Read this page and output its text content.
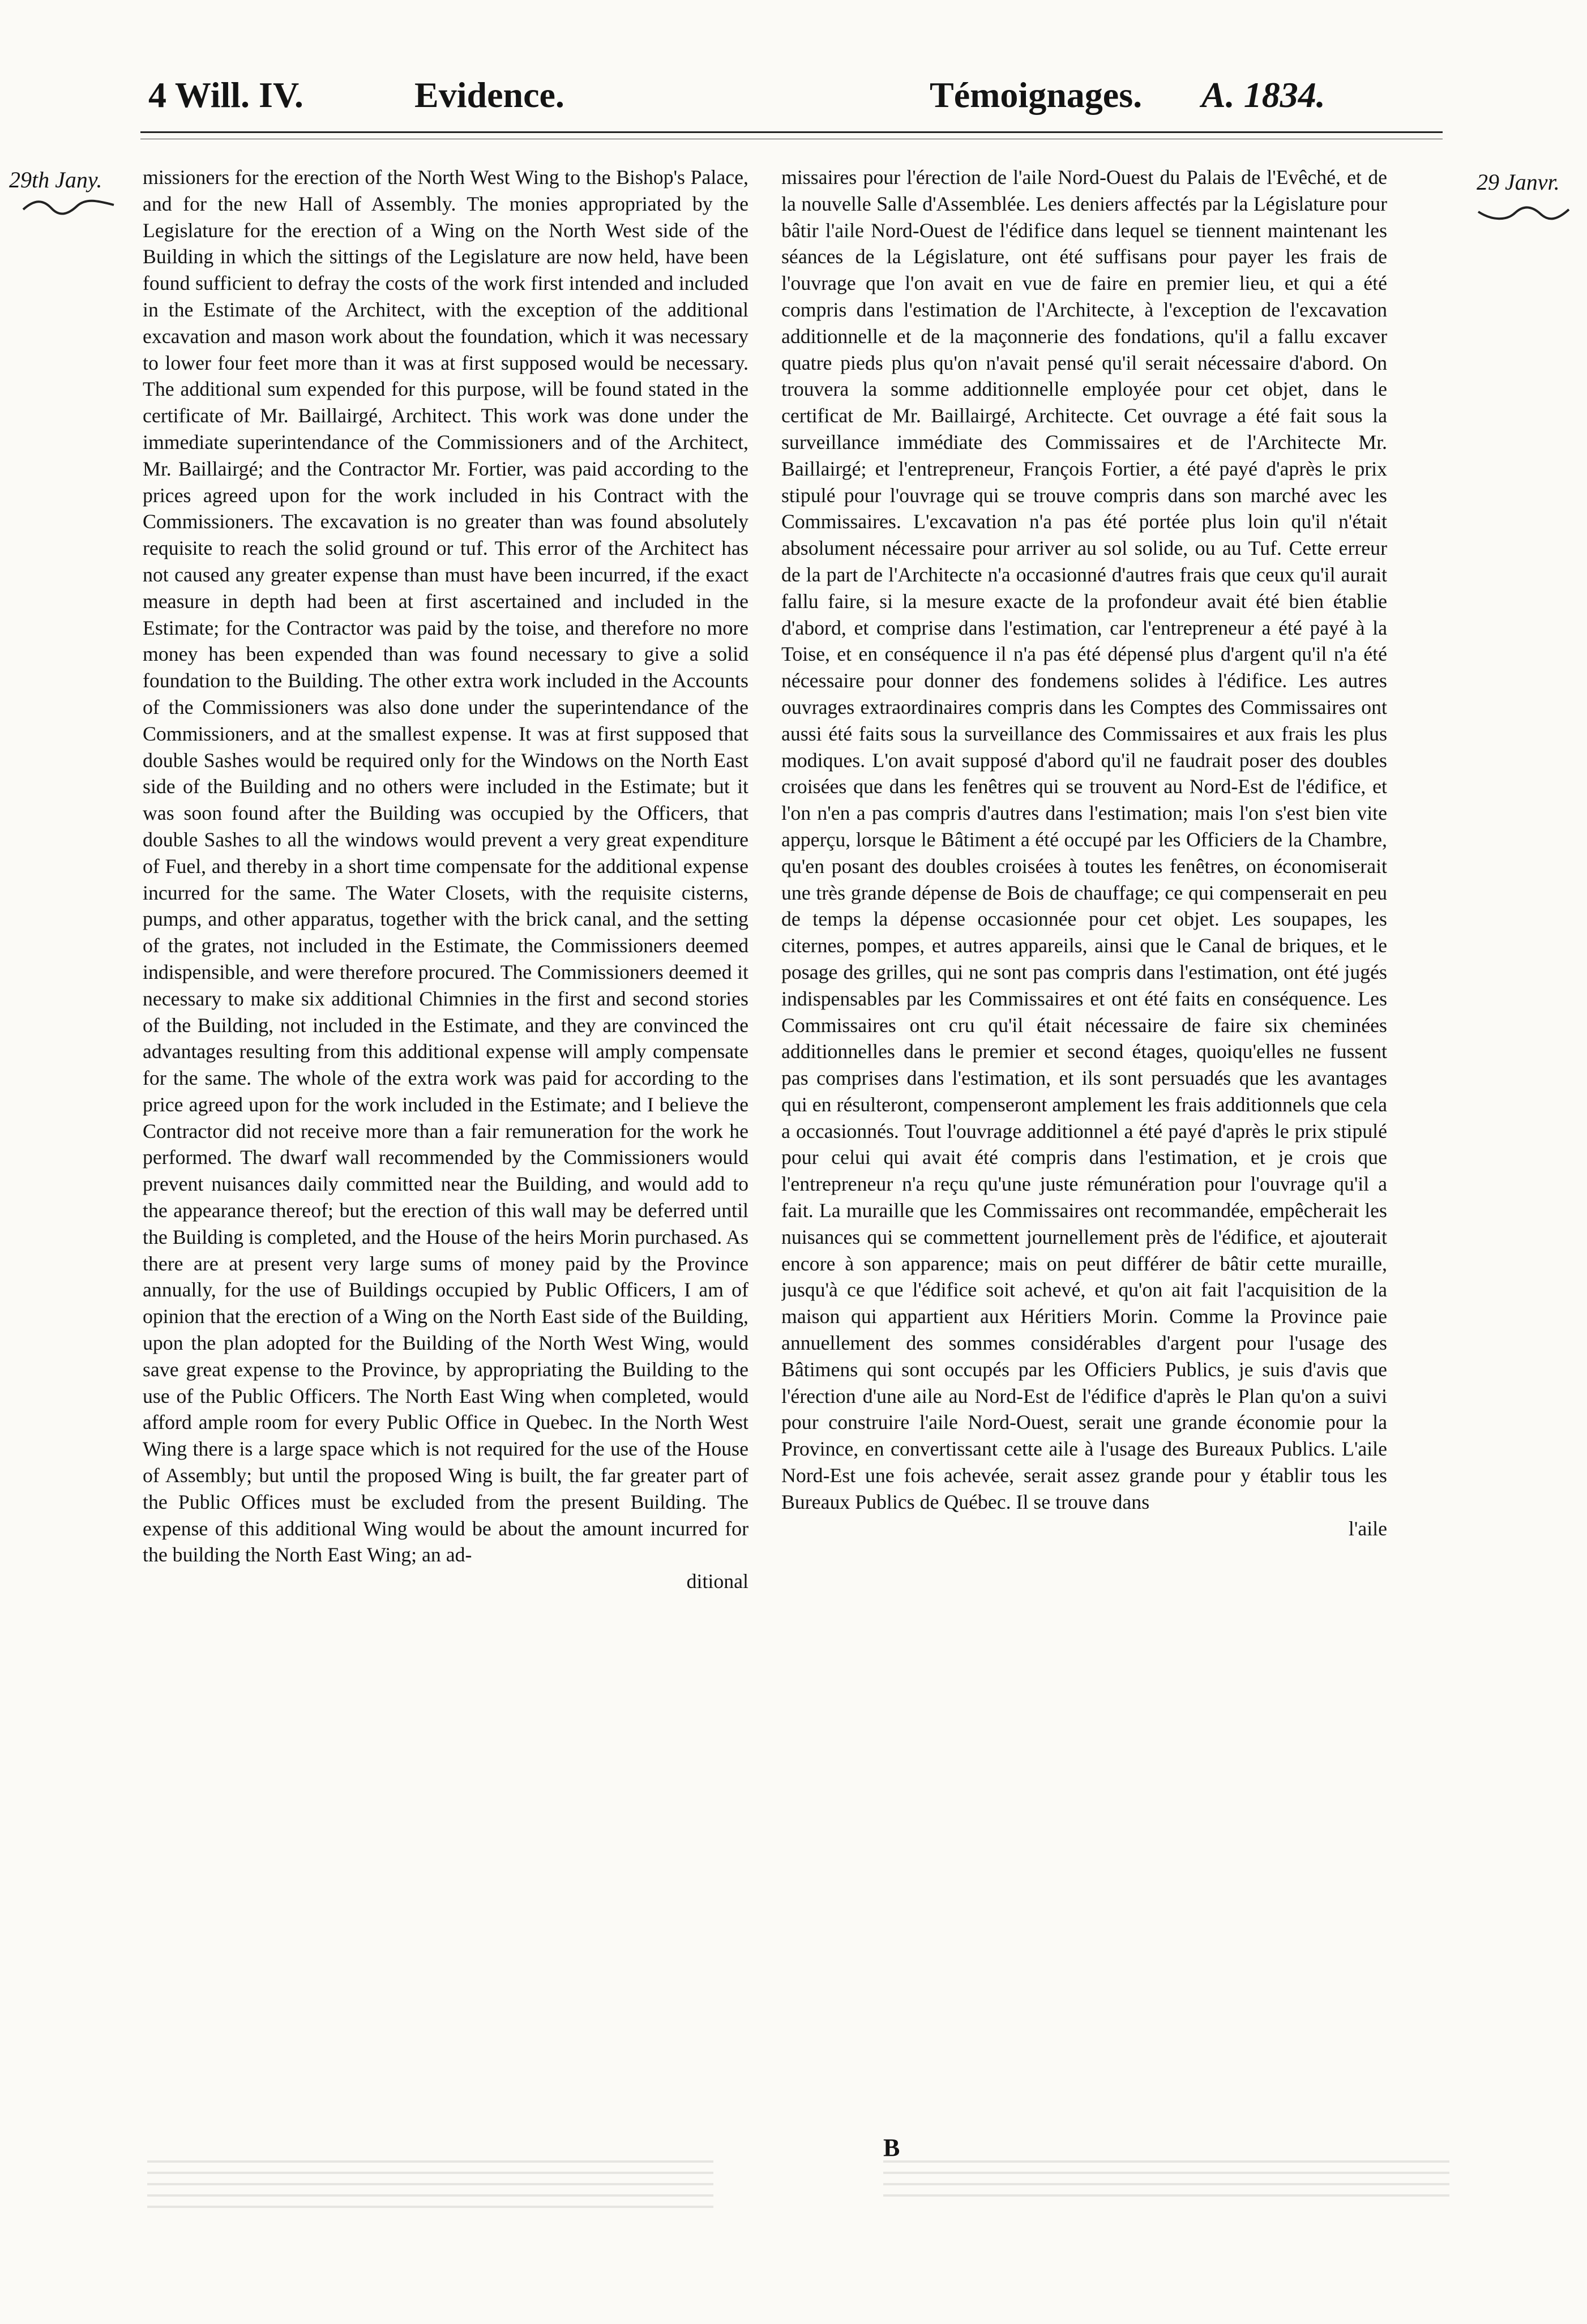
4 Will. IV.	Evidence.	Témoignages. A. 1834.
29th Jany.	29 Janvr.

missioners for the erection of the North West Wing to the Bishop's Palace, and for the new Hall of Assembly. The monies appropriated by the Legislature for the erection of a Wing on the North West side of the Building in which the sittings of the Legislature are now held, have been found sufficient to defray the costs of the work first intended and included in the Estimate of the Architect, with the exception of the additional excavation and mason work about the foundation, which it was necessary to lower four feet more than it was at first supposed would be necessary. The additional sum expended for this purpose, will be found stated in the certificate of Mr. Baillairgé, Architect. This work was done under the immediate superintendance of the Commissioners and of the Architect, Mr. Baillairgé; and the Contractor Mr. Fortier, was paid according to the prices agreed upon for the work included in his Contract with the Commissioners. The excavation is no greater than was found absolutely requisite to reach the solid ground or tuf. This error of the Architect has not caused any greater expense than must have been incurred, if the exact measure in depth had been at first ascertained and included in the Estimate; for the Contractor was paid by the toise, and therefore no more money has been expended than was found necessary to give a solid foundation to the Building. The other extra work included in the Accounts of the Commissioners was also done under the superintendance of the Commissioners, and at the smallest expense. It was at first supposed that double Sashes would be required only for the Windows on the North East side of the Building and no others were included in the Estimate; but it was soon found after the Building was occupied by the Officers, that double Sashes to all the windows would prevent a very great expenditure of Fuel, and thereby in a short time compensate for the additional expense incurred for the same. The Water Closets, with the requisite cisterns, pumps, and other apparatus, together with the brick canal, and the setting of the grates, not included in the Estimate, the Commissioners deemed indispensible, and were therefore procured. The Commissioners deemed it necessary to make six additional Chimnies in the first and second stories of the Building, not included in the Estimate, and they are convinced the advantages resulting from this additional expense will amply compensate for the same. The whole of the extra work was paid for according to the price agreed upon for the work included in the Estimate; and I believe the Contractor did not receive more than a fair remuneration for the work he performed. The dwarf wall recommended by the Commissioners would prevent nuisances daily committed near the Building, and would add to the appearance thereof; but the erection of this wall may be deferred until the Building is completed, and the House of the heirs Morin purchased. As there are at present very large sums of money paid by the Province annually, for the use of Buildings occupied by Public Officers, I am of opinion that the erection of a Wing on the North East side of the Building, upon the plan adopted for the Building of the North West Wing, would save great expense to the Province, by appropriating the Building to the use of the Public Officers. The North East Wing when completed, would afford ample room for every Public Office in Quebec. In the North West Wing there is a large space which is not required for the use of the House of Assembly; but until the proposed Wing is built, the far greater part of the Public Offices must be excluded from the present Building. The expense of this additional Wing would be about the amount incurred for the building the North East Wing; an ad-

ditional

missaires pour l'érection de l'aile Nord-Ouest du Palais de l'Evêché, et de la nouvelle Salle d'Assemblée. Les deniers affectés par la Législature pour bâtir l'aile Nord-Ouest de l'édifice dans lequel se tiennent maintenant les séances de la Législature, ont été suffisans pour payer les frais de l'ouvrage que l'on avait en vue de faire en premier lieu, et qui a été compris dans l'estimation de l'Architecte, à l'exception de l'excavation additionnelle et de la maçonnerie des fondations, qu'il a fallu excaver quatre pieds plus qu'on n'avait pensé qu'il serait nécessaire d'abord. On trouvera la somme additionnelle employée pour cet objet, dans le certificat de Mr. Baillairgé, Architecte. Cet ouvrage a été fait sous la surveillance immédiate des Commissaires et de l'Architecte Mr. Baillairgé; et l'entrepreneur, François Fortier, a été payé d'après le prix stipulé pour l'ouvrage qui se trouve compris dans son marché avec les Commissaires. L'excavation n'a pas été portée plus loin qu'il n'était absolument nécessaire pour arriver au sol solide, ou au Tuf. Cette erreur de la part de l'Architecte n'a occasionné d'autres frais que ceux qu'il aurait fallu faire, si la mesure exacte de la profondeur avait été bien établie d'abord, et comprise dans l'estimation, car l'entrepreneur a été payé à la Toise, et en conséquence il n'a pas été dépensé plus d'argent qu'il n'a été nécessaire pour donner des fondemens solides à l'édifice. Les autres ouvrages extraordinaires compris dans les Comptes des Commissaires ont aussi été faits sous la surveillance des Commissaires et aux frais les plus modiques. L'on avait supposé d'abord qu'il ne faudrait poser des doubles croisées que dans les fenêtres qui se trouvent au Nord-Est de l'édifice, et l'on n'en a pas compris d'autres dans l'estimation; mais l'on s'est bien vite apperçu, lorsque le Bâtiment a été occupé par les Officiers de la Chambre, qu'en posant des doubles croisées à toutes les fenêtres, on économiserait une très grande dépense de Bois de chauffage; ce qui compenserait en peu de temps la dépense occasionnée pour cet objet. Les soupapes, les citernes, pompes, et autres appareils, ainsi que le Canal de briques, et le posage des grilles, qui ne sont pas compris dans l'estimation, ont été jugés indispensables par les Commissaires et ont été faits en conséquence. Les Commissaires ont cru qu'il était nécessaire de faire six cheminées additionnelles dans le premier et second étages, quoiqu'elles ne fussent pas comprises dans l'estimation, et ils sont persuadés que les avantages qui en résulteront, compenseront amplement les frais additionnels que cela a occasionnés. Tout l'ouvrage additionnel a été payé d'après le prix stipulé pour celui qui avait été compris dans l'estimation, et je crois que l'entrepreneur n'a reçu qu'une juste rémunération pour l'ouvrage qu'il a fait. La muraille que les Commissaires ont recommandée, empêcherait les nuisances qui se commettent journellement près de l'édifice, et ajouterait encore à son apparence; mais on peut différer de bâtir cette muraille, jusqu'à ce que l'édifice soit achevé, et qu'on ait fait l'acquisition de la maison qui appartient aux Héritiers Morin. Comme la Province paie annuellement des sommes considérables d'argent pour l'usage des Bâtimens qui sont occupés par les Officiers Publics, je suis d'avis que l'érection d'une aile au Nord-Est de l'édifice d'après le Plan qu'on a suivi pour construire l'aile Nord-Ouest, serait une grande économie pour la Province, en convertissant cette aile à l'usage des Bureaux Publics. L'aile Nord-Est une fois achevée, serait assez grande pour y établir tous les Bureaux Publics de Québec. Il se trouve dans

l'aile

B
